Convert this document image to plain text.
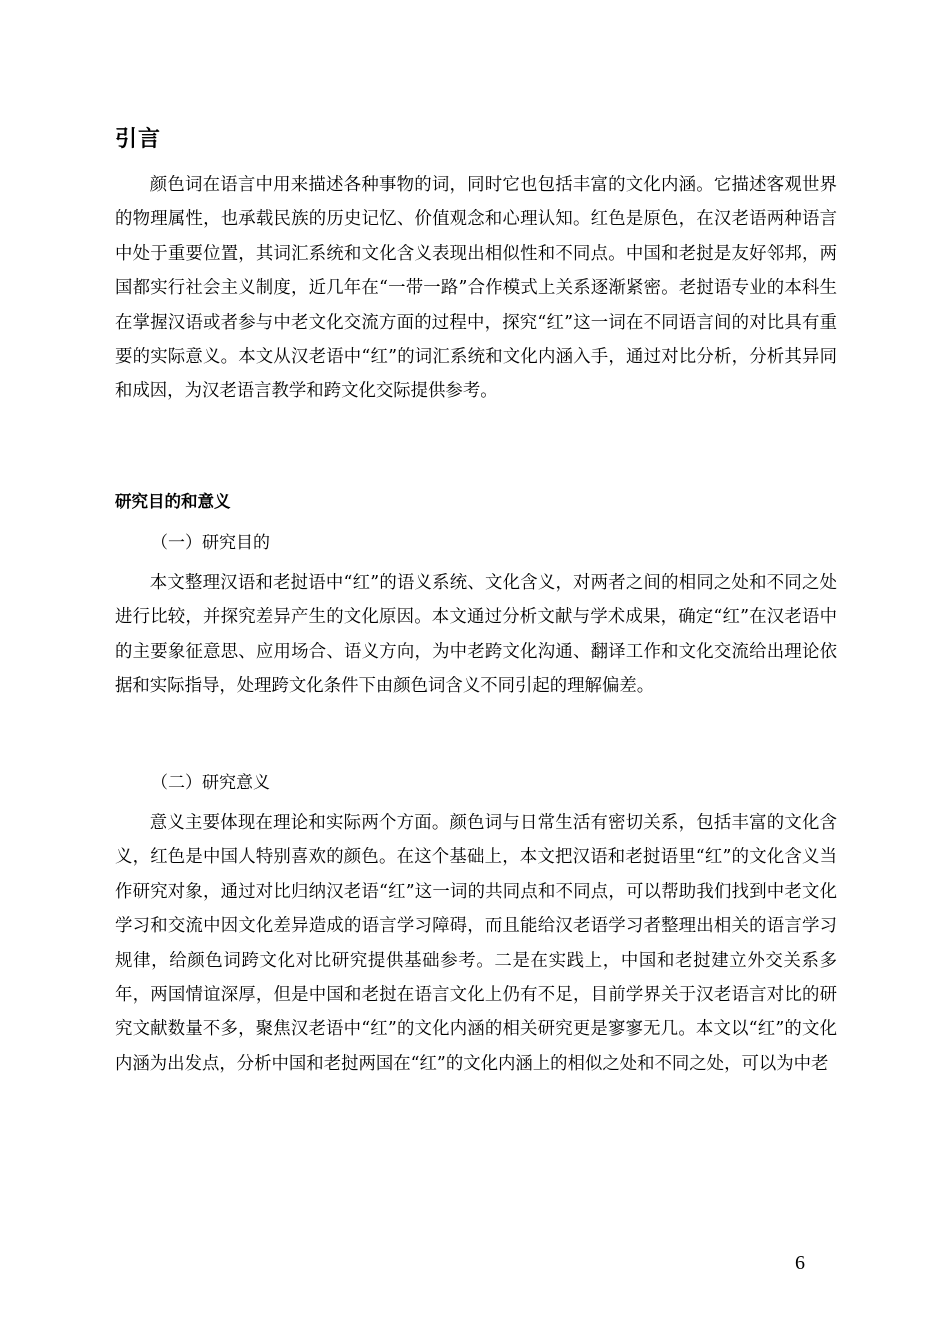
引言

颜色词在语言中用来描述各种事物的词，同时它也包括丰富的文化内涵。它描述客观世界的物理属性，也承载民族的历史记忆、价值观念和心理认知。红色是原色，在汉老语两种语言中处于重要位置，其词汇系统和文化含义表现出相似性和不同点。中国和老挝是友好邻邦，两国都实行社会主义制度，近几年在“一带一路”合作模式上关系逐渐紧密。老挝语专业的本科生在掌握汉语或者参与中老文化交流方面的过程中，探究“红”这一词在不同语言间的对比具有重要的实际意义。本文从汉老语中“红”的词汇系统和文化内涵入手，通过对比分析，分析其异同和成因，为汉老语言教学和跨文化交际提供参考。

研究目的和意义
（一）研究目的

本文整理汉语和老挝语中“红”的语义系统、文化含义，对两者之间的相同之处和不同之处进行比较，并探究差异产生的文化原因。本文通过分析文献与学术成果，确定“红”在汉老语中的主要象征意思、应用场合、语义方向，为中老跨文化沟通、翻译工作和文化交流给出理论依据和实际指导，处理跨文化条件下由颜色词含义不同引起的理解偏差。

（二）研究意义

意义主要体现在理论和实际两个方面。颜色词与日常生活有密切关系，包括丰富的文化含义，红色是中国人特别喜欢的颜色。在这个基础上，本文把汉语和老挝语里“红”的文化含义当作研究对象，通过对比归纳汉老语“红”这一词的共同点和不同点，可以帮助我们找到中老文化学习和交流中因文化差异造成的语言学习障碍，而且能给汉老语学习者整理出相关的语言学习规律，给颜色词跨文化对比研究提供基础参考。二是在实践上，中国和老挝建立外交关系多年，两国情谊深厚，但是中国和老挝在语言文化上仍有不足，目前学界关于汉老语言对比的研究文献数量不多，聚焦汉老语中“红”的文化内涵的相关研究更是寥寥无几。本文以“红”的文化内涵为出发点，分析中国和老挝两国在“红”的文化内涵上的相似之处和不同之处，可以为中老

6
